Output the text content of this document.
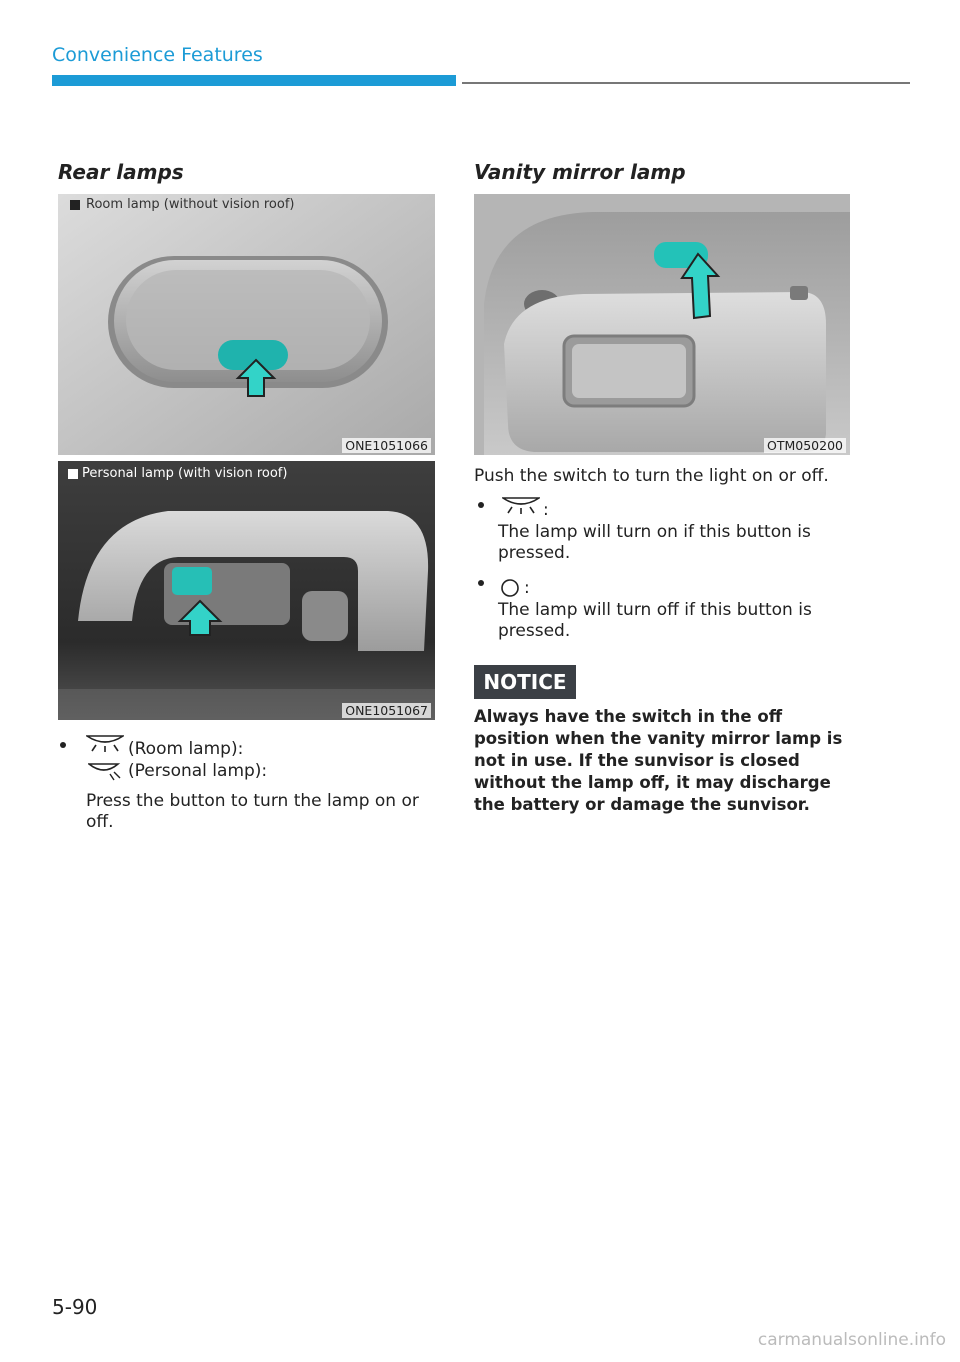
Convenience Features
Rear lamps
Room lamp (without vision roof)
ONE1051066
Personal lamp (with vision roof)
ONE1051067
(Room lamp):
(Personal lamp):
Press the button to turn the lamp on or off.
Vanity mirror lamp
OTM050200
Push the switch to turn the light on or off.
:
The lamp will turn on if this button is pressed.
:
The lamp will turn off if this button is pressed.
NOTICE
Always have the switch in the off position when the vanity mirror lamp is not in use. If the sunvisor is closed without the lamp off, it may discharge the battery or damage the sunvisor.
5-90
carmanualsonline.info
